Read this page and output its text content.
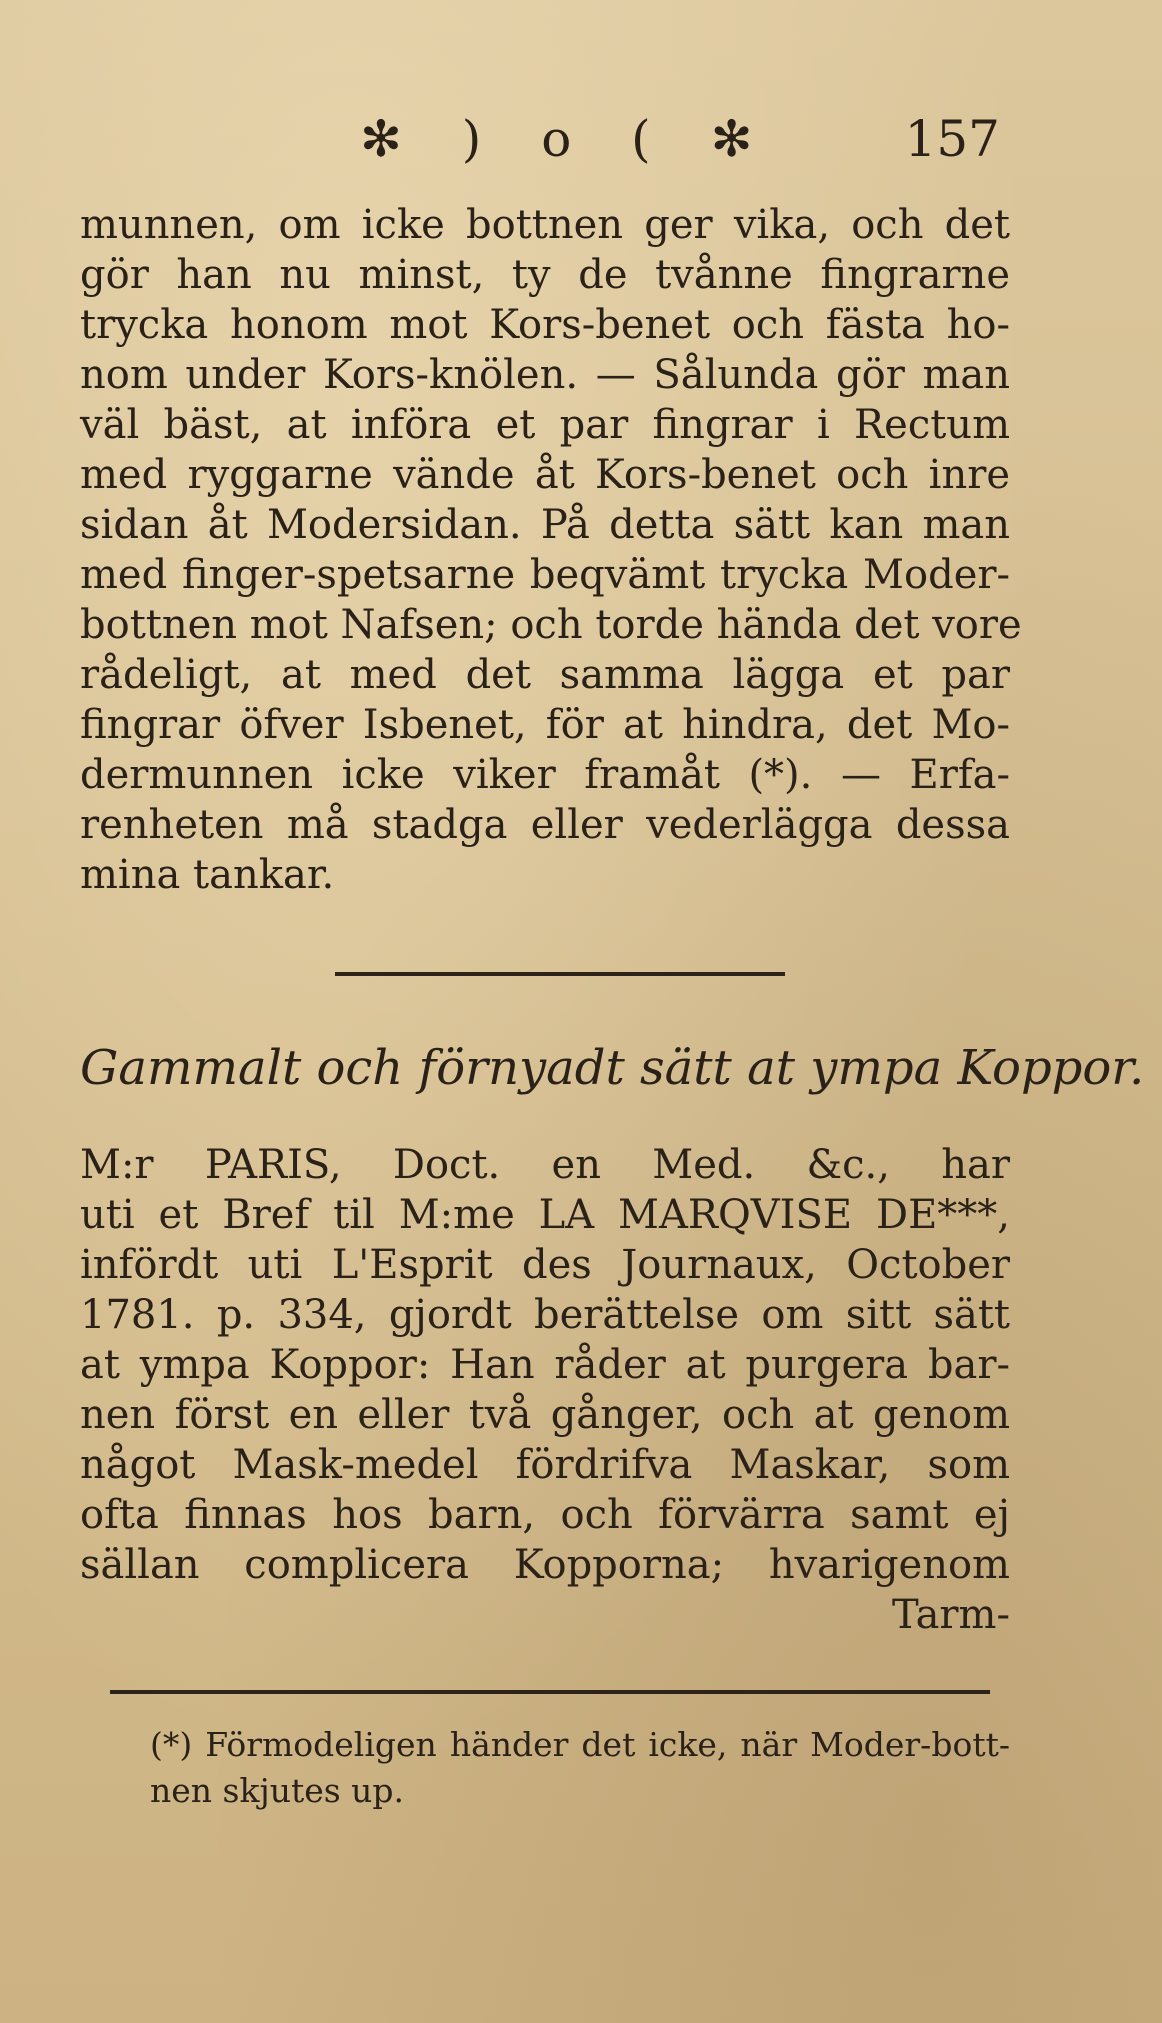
✻ ) o ( ✻	157
munnen, om icke bottnen ger vika, och det
gör han nu minst, ty de tvånne fingrarne
trycka honom mot Kors-benet och fästa ho-
nom under Kors-knölen. — Sålunda gör man
väl bäst, at införa et par fingrar i Rectum
med ryggarne vände åt Kors-benet och inre
sidan åt Modersidan. På detta sätt kan man
med finger-spetsarne beqvämt trycka Moder-
bottnen mot Nafsen; och torde hända det vore
rådeligt, at med det samma lägga et par
fingrar öfver Isbenet, för at hindra, det Mo-
dermunnen icke viker framåt (*). — Erfa-
renheten må stadga eller vederlägga dessa
mina tankar.
Gammalt och förnyadt sätt at ympa Koppor.
M:r PARIS, Doct. en Med. &c., har
uti et Bref til M:me LA MARQVISE DE***,
infördt uti L'Esprit des Journaux, October
1781. p. 334, gjordt berättelse om sitt sätt
at ympa Koppor: Han råder at purgera bar-
nen först en eller två gånger, och at genom
något Mask-medel fördrifva Maskar, som
ofta finnas hos barn, och förvärra samt ej
sällan complicera Kopporna; hvarigenom
Tarm-
(*) Förmodeligen händer det icke, när Moder-bott-
nen skjutes up.
